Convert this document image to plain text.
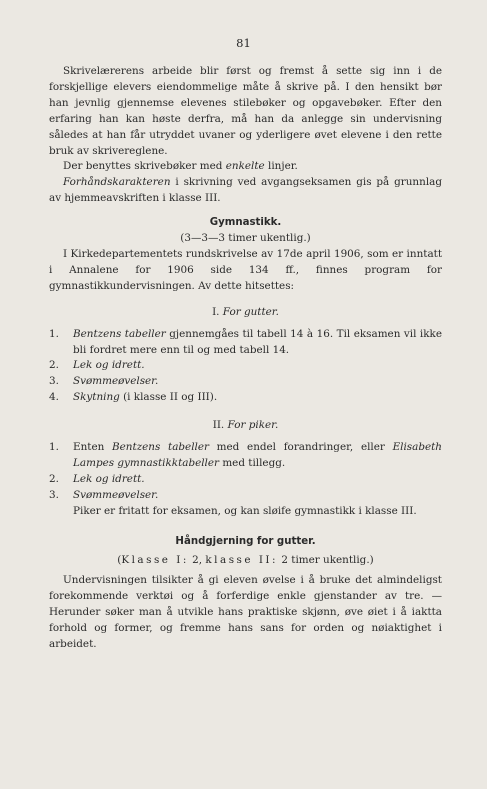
81

Skrivelærerens arbeide blir først og fremst å sette sig inn i de forskjellige elevers eiendommelige måte å skrive på. I den hensikt bør han jevnlig gjennemse elevenes stilebøker og opgavebøker. Efter den erfaring han kan høste derfra, må han da anlegge sin undervisning således at han får utryddet uvaner og yderligere øvet elevene i den rette bruk av skrivereglene.

Der benyttes skrivebøker med enkelte linjer.

Forhåndskarakteren i skrivning ved avgangseksamen gis på grunnlag av hjemmeavskriften i klasse III.

Gymnastikk.

(3—3—3 timer ukentlig.)

I Kirkedepartementets rundskrivelse av 17de april 1906, som er inntatt i Annalene for 1906 side 134 ff., finnes program for gymnastikkundervisningen. Av dette hitsettes:

I. For gutter.

1.	Bentzens tabeller gjennemgåes til tabell 14 à 16. Til eksamen vil ikke bli fordret mere enn til og med tabell 14.
2.	Lek og idrett.
3.	Svømmeøvelser.
4.	Skytning (i klasse II og III).

II. For piker.

1.	Enten Bentzens tabeller med endel forandringer, eller Elisabeth Lampes gymnastikktabeller med tillegg.
2.	Lek og idrett.
3.	Svømmeøvelser.
Piker er fritatt for eksamen, og kan sløife gymnastikk i klasse III.

Håndgjerning for gutter.

(Klasse I: 2, klasse II: 2 timer ukentlig.)

Undervisningen tilsikter å gi eleven øvelse i å bruke det almindeligst forekommende verktøi og å forferdige enkle gjenstander av tre. — Herunder søker man å utvikle hans praktiske skjønn, øve øiet i å iaktta forhold og former, og fremme hans sans for orden og nøiaktighet i arbeidet.
